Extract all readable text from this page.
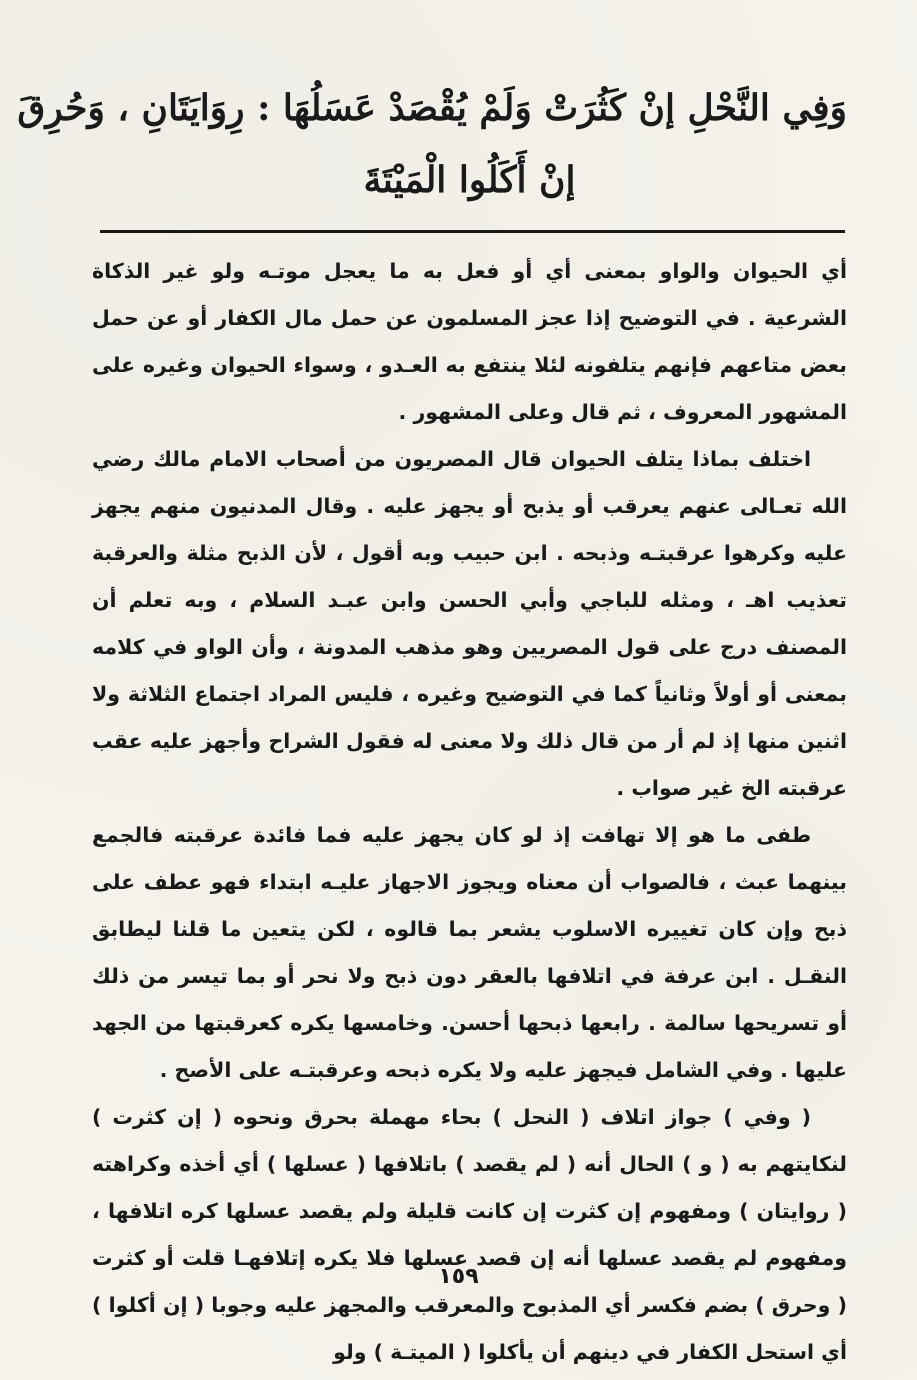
وَفِي النَّحْلِ إنْ كَثُرَتْ وَلَمْ يُقْصَدْ عَسَلُهَا : رِوَايَتَانِ ، وَحُرِقَ
إنْ أَكَلُوا الْمَيْتَةَ

أي الحيوان والواو بمعنى أي أو فعل به ما يعجل موتـه ولو غير الذكاة الشرعية . في التوضيح إذا عجز المسلمون عن حمل مال الكفار أو عن حمل بعض متاعهم فإنهم يتلفونه لئلا ينتفع به العـدو ، وسواء الحيوان وغيره على المشهور المعروف ، ثم قال وعلى المشهور .

اختلف بماذا يتلف الحيوان قال المصريون من أصحاب الامام مالك رضي الله تعـالى عنهم يعرقب أو يذبح أو يجهز عليه . وقال المدنيون منهم يجهز عليه وكرهوا عرقبتـه وذبحه . ابن حبيب وبه أقول ، لأن الذبح مثلة والعرقبة تعذيب اهـ ، ومثله للباجي وأبي الحسن وابن عبـد السلام ، وبه تعلم أن المصنف درج على قول المصريين وهو مذهب المدونة ، وأن الواو في كلامه بمعنى أو أولاً وثانياً كما في التوضيح وغيره ، فليس المراد اجتماع الثلاثة ولا اثنين منها إذ لم أر من قال ذلك ولا معنى له فقول الشراح وأجهز عليه عقب عرقبته الخ غير صواب .

طفى ما هو إلا تهافت إذ لو كان يجهز عليه فما فائدة عرقبته فالجمع بينهما عبث ، فالصواب أن معناه ويجوز الاجهاز عليـه ابتداء فهو عطف على ذبح وإن كان تغييره الاسلوب يشعر بما قالوه ، لكن يتعين ما قلنا ليطابق النقـل . ابن عرفة في اتلافها بالعقر دون ذبح ولا نحر أو بما تيسر من ذلك أو تسريحها سالمة . رابعها ذبحها أحسن. وخامسها يكره كعرقبتها من الجهد عليها . وفي الشامل فيجهز عليه ولا يكره ذبحه وعرقبتـه على الأصح .

( وفي ) جواز اتلاف ( النحل ) بحاء مهملة بحرق ونحوه ( إن كثرت ) لنكايتهم به ( و ) الحال أنه ( لم يقصد ) باتلافها ( عسلها ) أي أخذه وكراهته ( روايتان ) ومفهوم إن كثرت إن كانت قليلة ولم يقصد عسلها كره اتلافها ، ومفهوم لم يقصد عسلها أنه إن قصد عسلها فلا يكره إتلافهـا قلت أو كثرت ( وحرق ) بضم فكسر أي المذبوح والمعرقب والمجهز عليه وجوبا ( إن أكلوا ) أي استحل الكفار في دينهم أن يأكلوا ( الميتـة ) ولو

١٥٩
